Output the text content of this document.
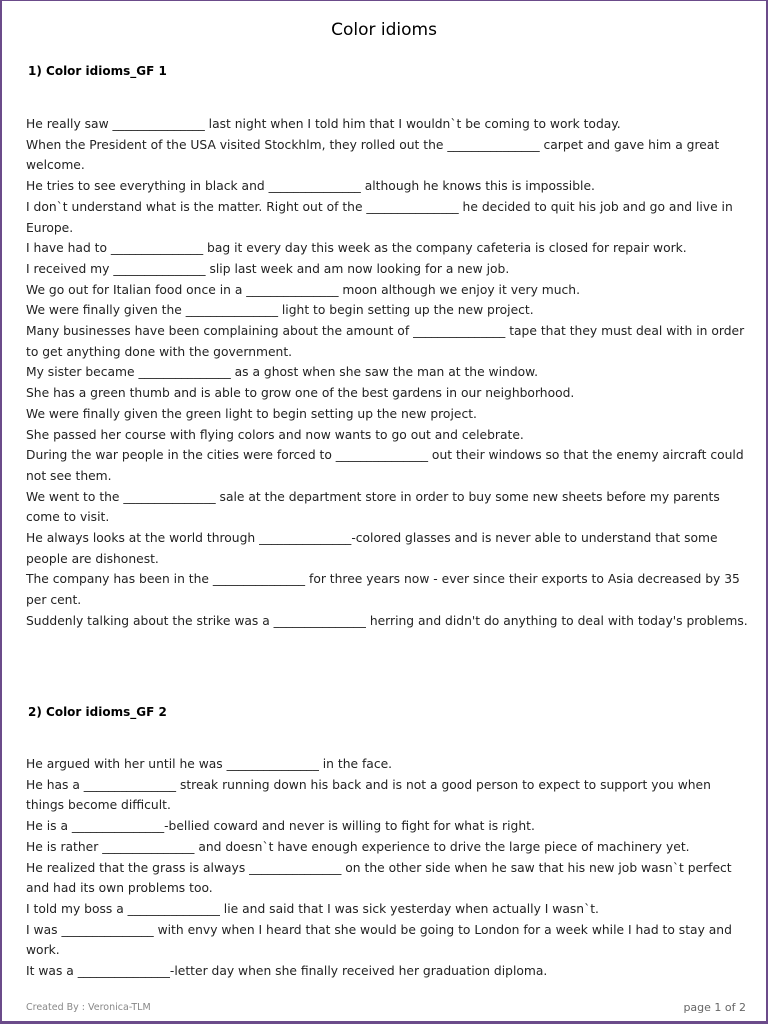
Color idioms
1) Color idioms_GF 1
He really saw _______________ last night when I told him that I wouldn`t be coming to work today.
When the President of the USA visited Stockhlm, they rolled out the _______________ carpet and gave him a great welcome.
He tries to see everything in black and _______________ although he knows this is impossible.
I don`t understand what is the matter. Right out of the _______________ he decided to quit his job and go and live in Europe.
I have had to _______________ bag it every day this week as the company cafeteria is closed for repair work.
I received my _______________ slip last week and am now looking for a new job.
We go out for Italian food once in a _______________ moon although we enjoy it very much.
We were finally given the _______________ light to begin setting up the new project.
Many businesses have been complaining about the amount of _______________ tape that they must deal with in order to get anything done with the government.
My sister became _______________ as a ghost when she saw the man at the window.
She has a green thumb and is able to grow one of the best gardens in our neighborhood.
We were finally given the green light to begin setting up the new project.
She passed her course with flying colors and now wants to go out and celebrate.
During the war people in the cities were forced to _______________ out their windows so that the enemy aircraft could not see them.
We went to the _______________ sale at the department store in order to buy some new sheets before my parents come to visit.
He always looks at the world through _______________-colored glasses and is never able to understand that some people are dishonest.
The company has been in the _______________ for three years now - ever since their exports to Asia decreased by 35 per cent.
Suddenly talking about the strike was a _______________ herring and didn't do anything to deal with today's problems.
2) Color idioms_GF 2
He argued with her until he was _______________ in the face.
He has a _______________ streak running down his back and is not a good person to expect to support you when things become difficult.
He is a _______________-bellied coward and never is willing to fight for what is right.
He is rather _______________ and doesn`t have enough experience to drive the large piece of machinery yet.
He realized that the grass is always _______________ on the other side when he saw that his new job wasn`t perfect and had its own problems too.
I told my boss a _______________ lie and said that I was sick yesterday when actually I wasn`t.
I was _______________ with envy when I heard that she would be going to London for a week while I had to stay and work.
It was a _______________-letter day when she finally received her graduation diploma.
Created By : Veronica-TLM	page 1 of 2
